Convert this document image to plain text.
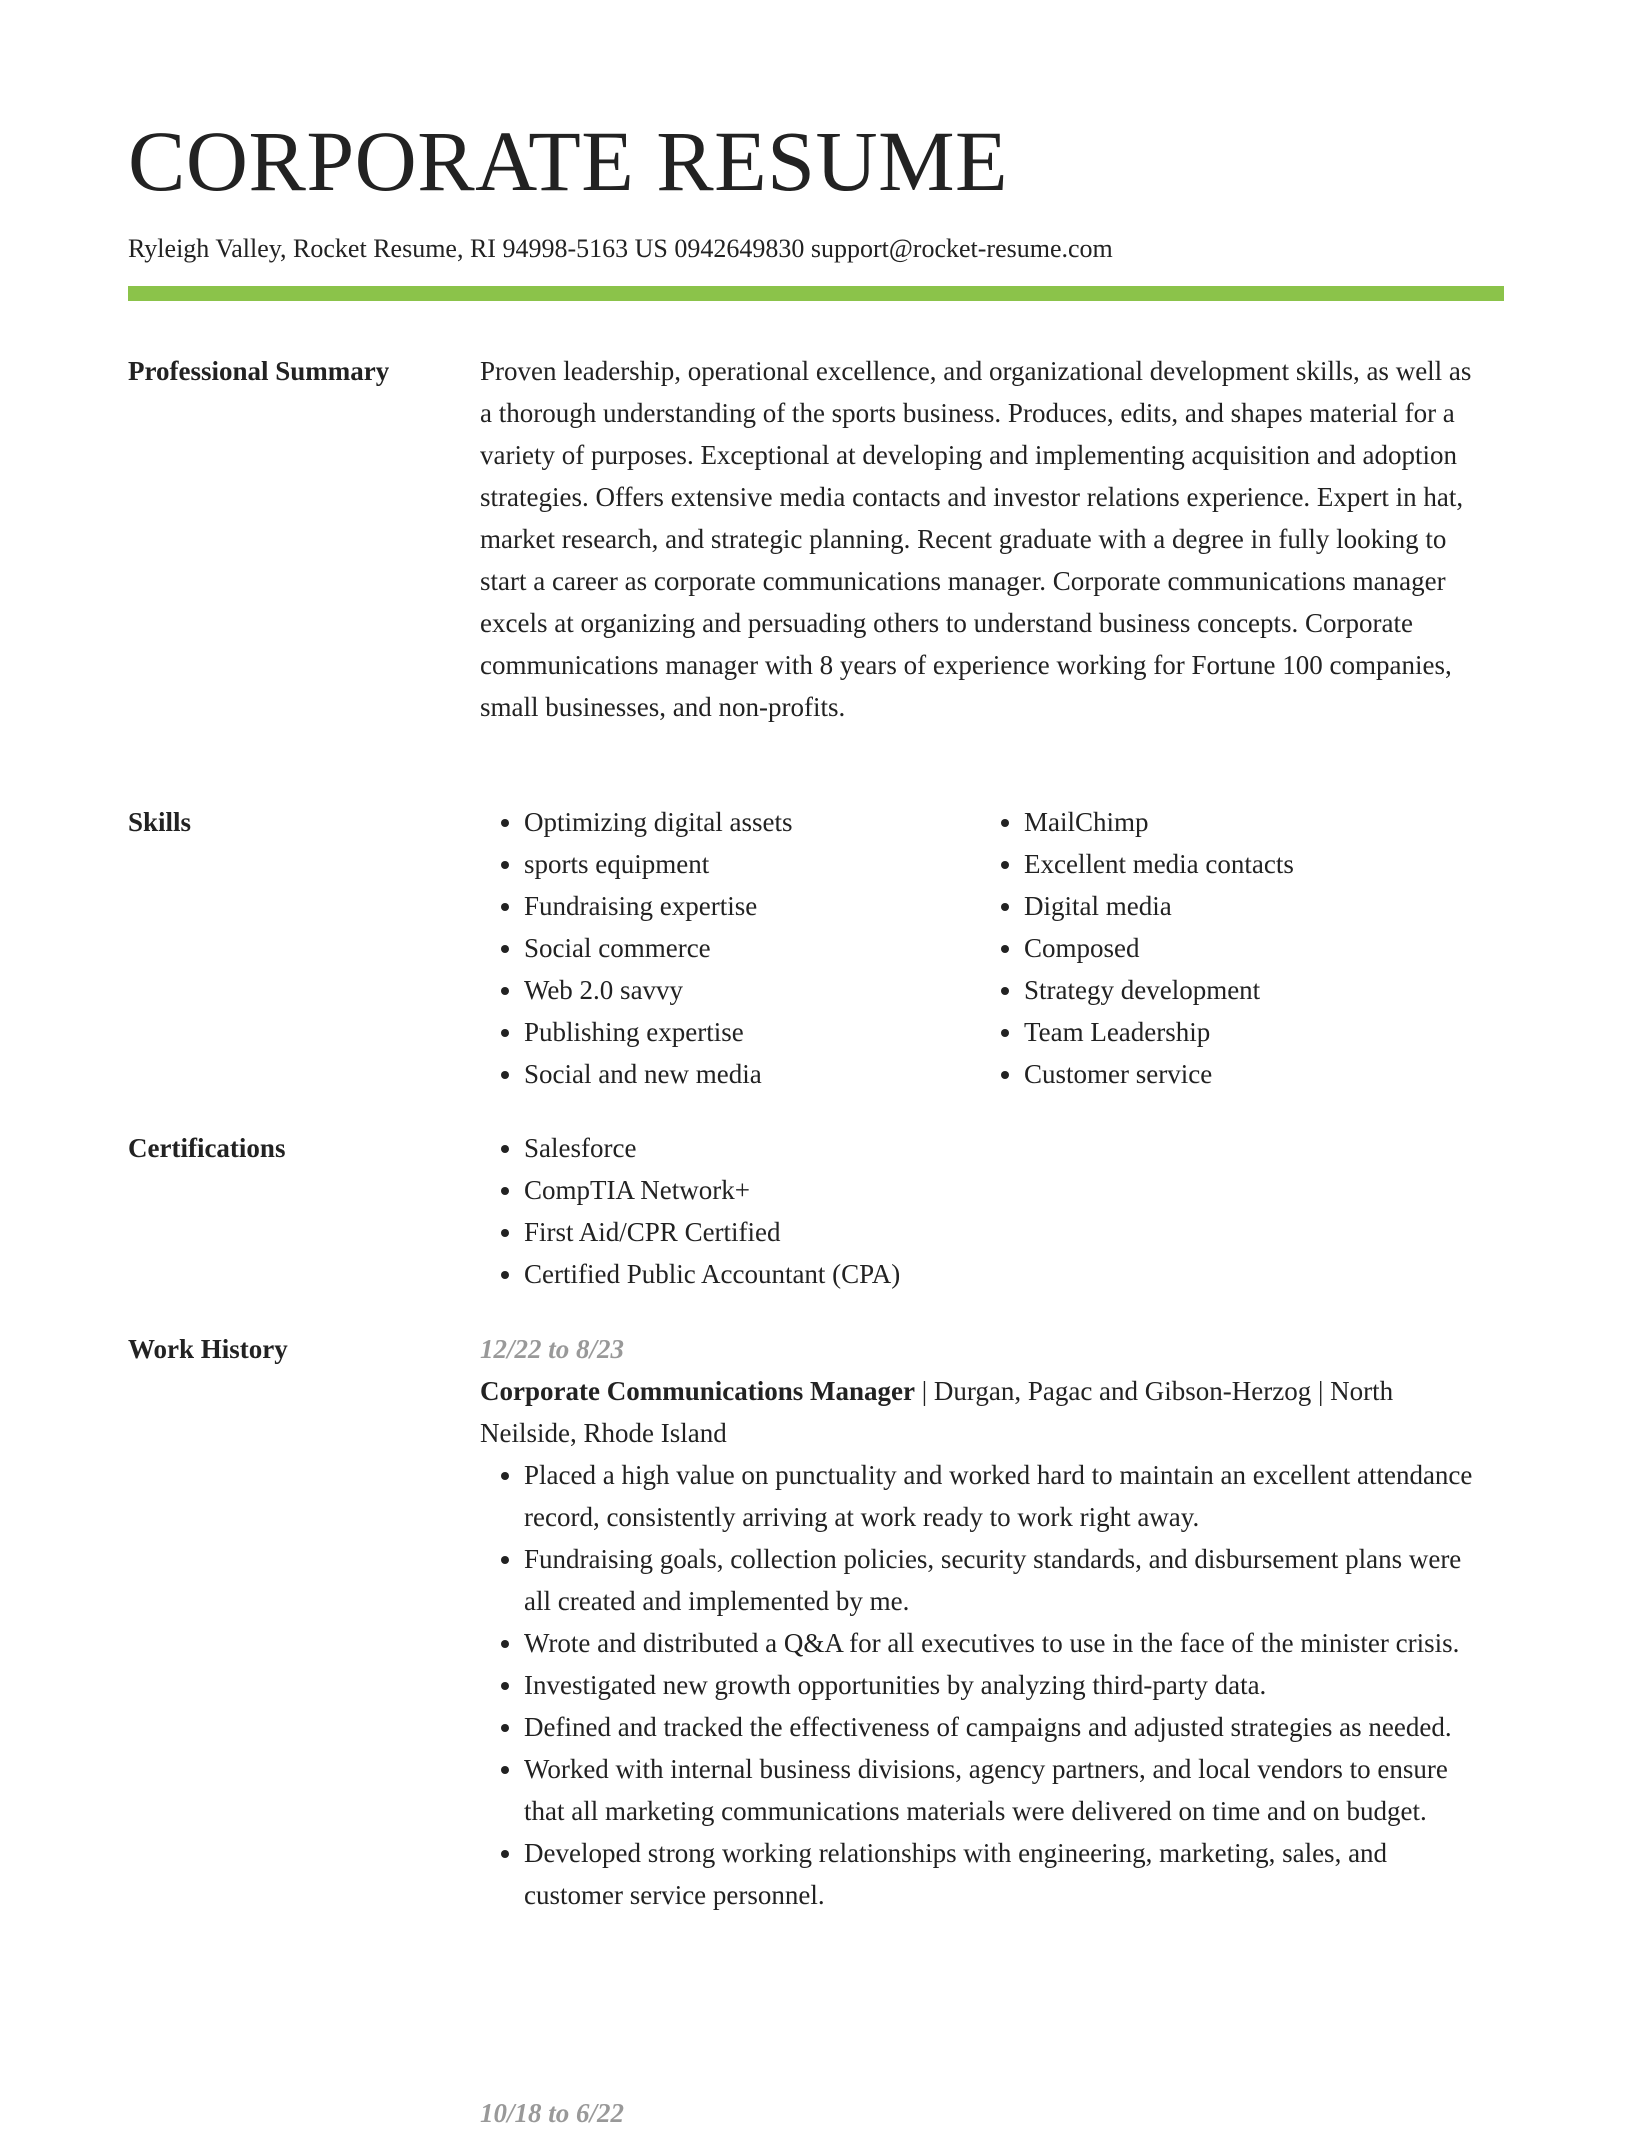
CORPORATE RESUME
Ryleigh Valley, Rocket Resume, RI 94998-5163 US 0942649830 support@rocket-resume.com
Professional Summary	Proven leadership, operational excellence, and organizational development skills, as well as a thorough understanding of the sports business. Produces, edits, and shapes material for a variety of purposes. Exceptional at developing and implementing acquisition and adoption strategies. Offers extensive media contacts and investor relations experience. Expert in hat, market research, and strategic planning. Recent graduate with a degree in fully looking to start a career as corporate communications manager. Corporate communications manager excels at organizing and persuading others to understand business concepts. Corporate communications manager with 8 years of experience working for Fortune 100 companies, small businesses, and non-profits.

Skills	• Optimizing digital assets
• sports equipment
• Fundraising expertise
• Social commerce
• Web 2.0 savvy
• Publishing expertise
• Social and new media
• MailChimp
• Excellent media contacts
• Digital media
• Composed
• Strategy development
• Team Leadership
• Customer service
Certifications	• Salesforce
• CompTIA Network+
• First Aid/CPR Certified
• Certified Public Accountant (CPA)
Work History	12/22 to 8/23
Corporate Communications Manager | Durgan, Pagac and Gibson-Herzog | North Neilside, Rhode Island
• Placed a high value on punctuality and worked hard to maintain an excellent attendance record, consistently arriving at work ready to work right away.
• Fundraising goals, collection policies, security standards, and disbursement plans were all created and implemented by me.
• Wrote and distributed a Q&A for all executives to use in the face of the minister crisis.
• Investigated new growth opportunities by analyzing third-party data.
• Defined and tracked the effectiveness of campaigns and adjusted strategies as needed.
• Worked with internal business divisions, agency partners, and local vendors to ensure that all marketing communications materials were delivered on time and on budget.
• Developed strong working relationships with engineering, marketing, sales, and customer service personnel.
10/18 to 6/22
